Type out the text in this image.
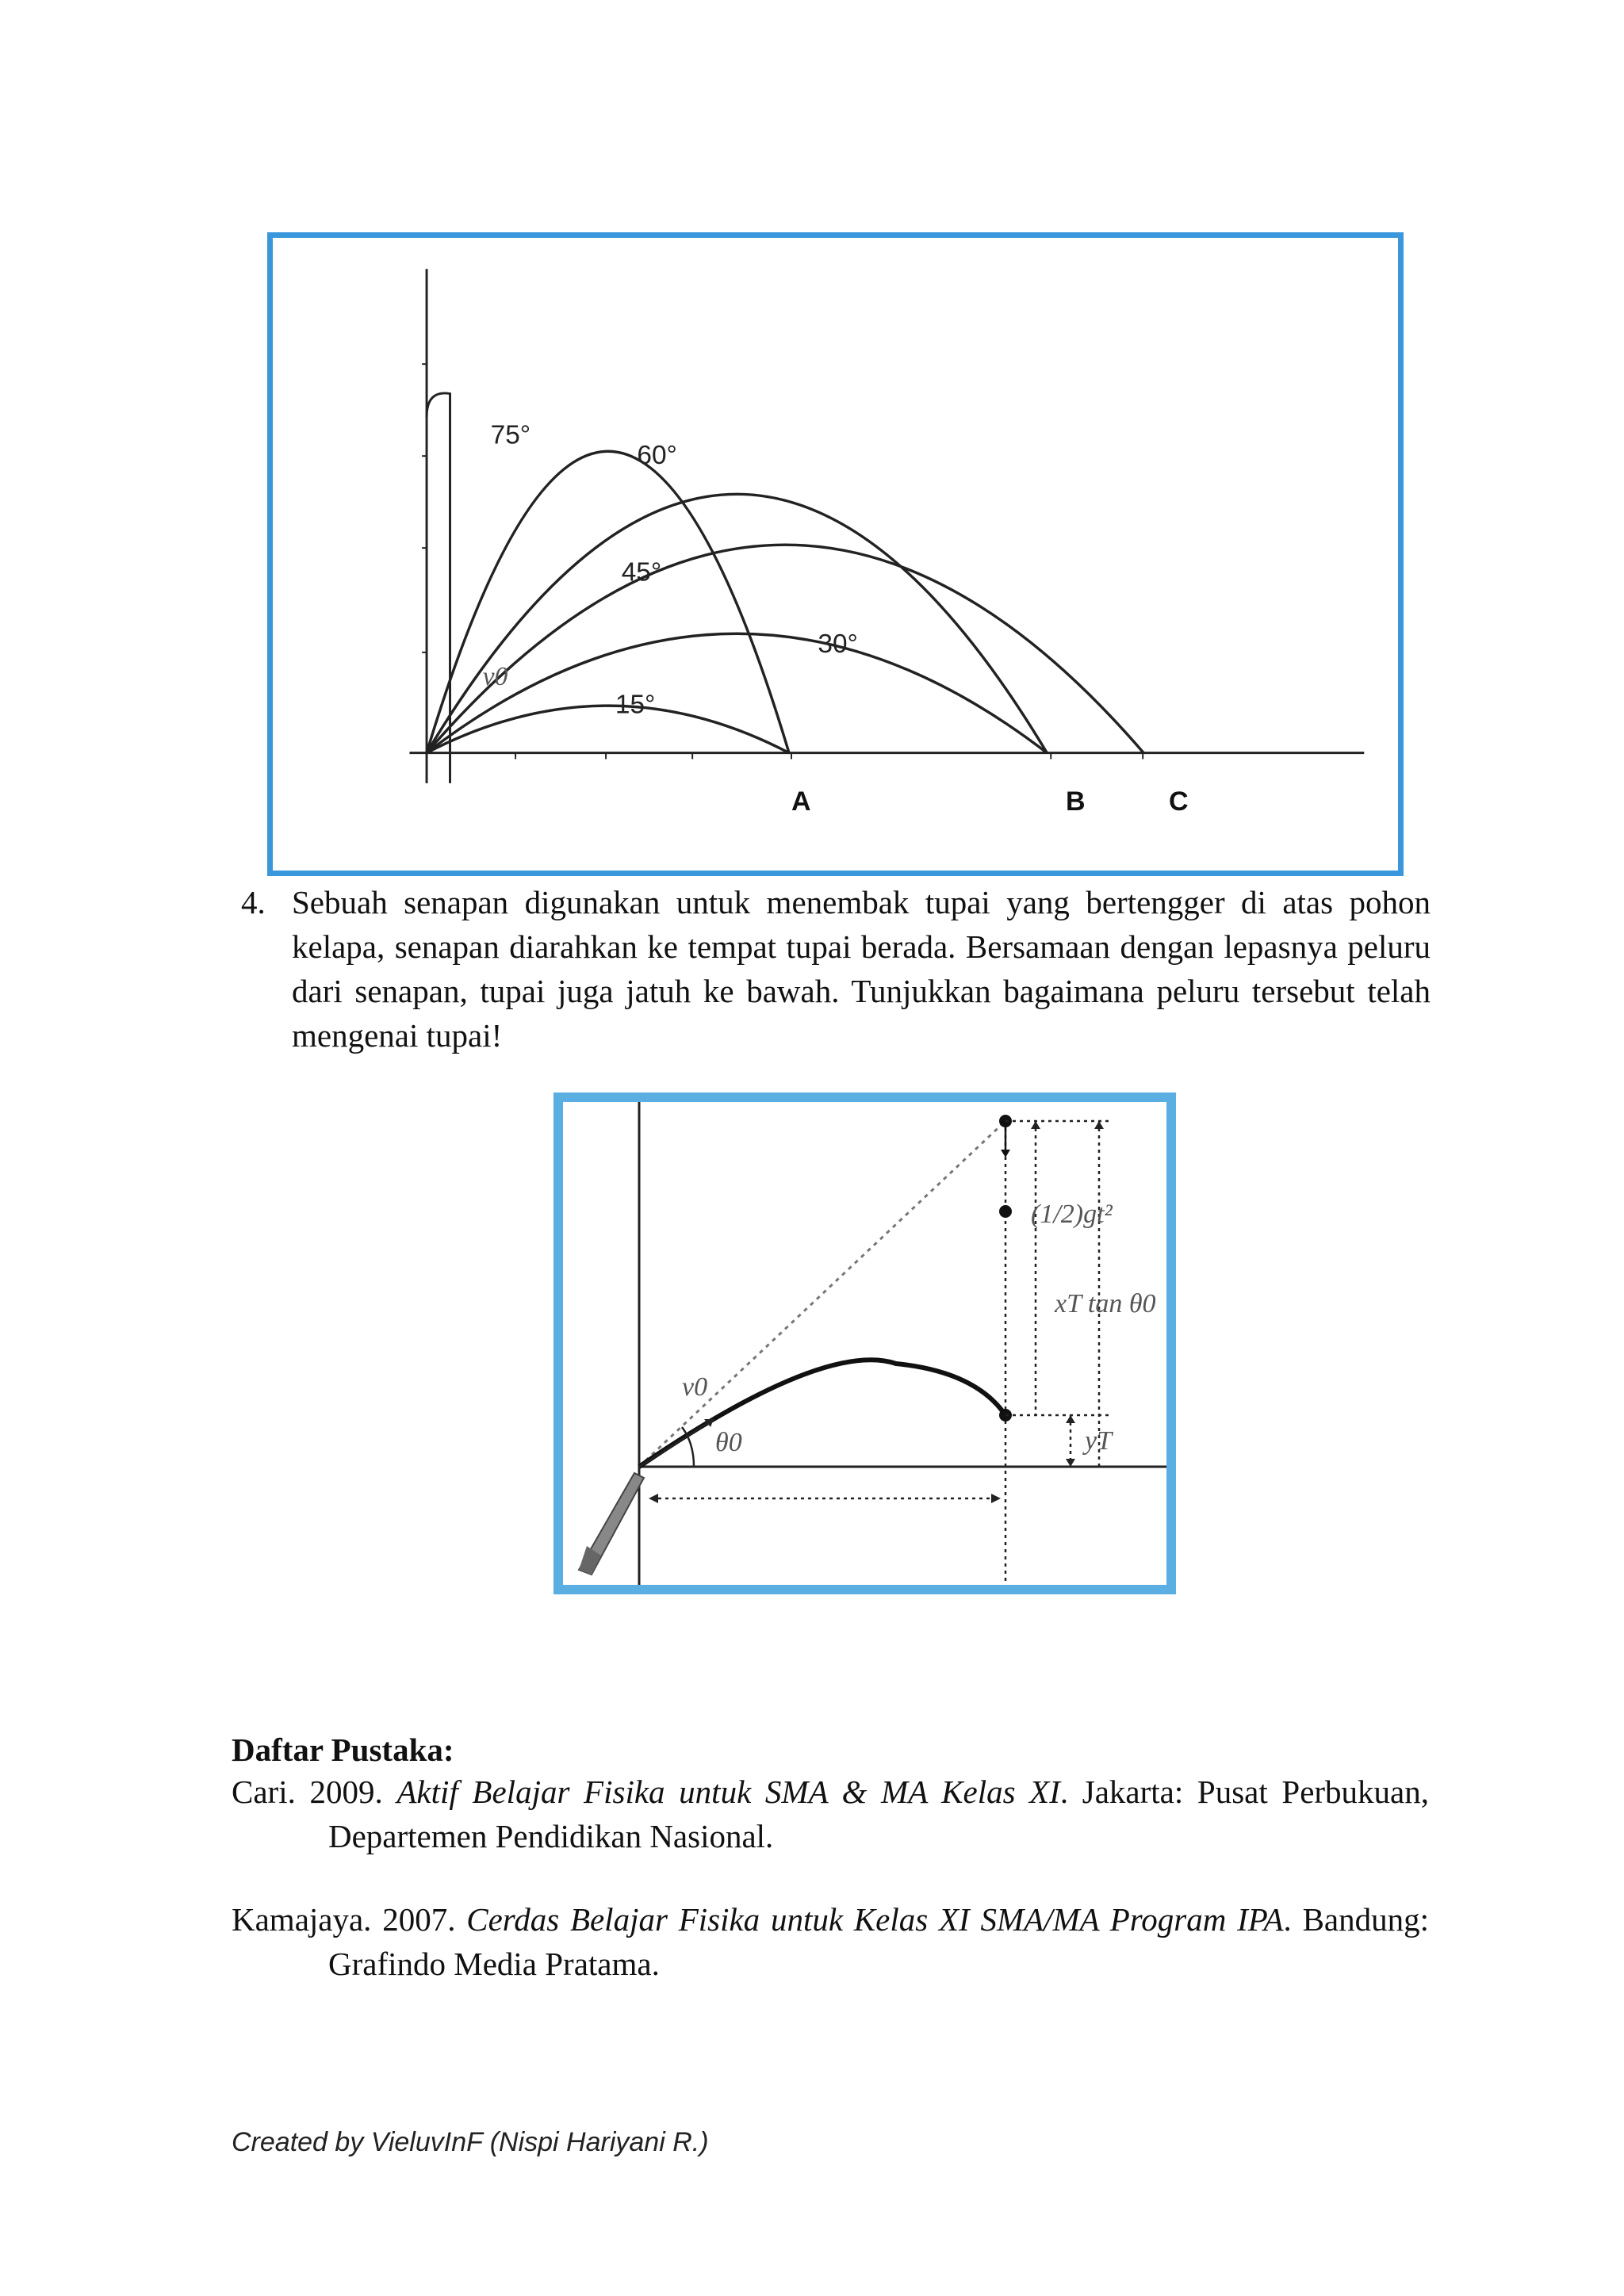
75°
60°
45°
30°
15°
v0
A	B	C
4. Sebuah senapan digunakan untuk menembak tupai yang bertengger di atas pohon kelapa, senapan diarahkan ke tempat tupai berada. Bersamaan dengan lepasnya peluru dari senapan, tupai juga jatuh ke bawah. Tunjukkan bagaimana peluru tersebut telah mengenai tupai!
(1/2)gt²
xT tan θ0
v0
θ0	yT
Daftar Pustaka:
Cari. 2009. Aktif Belajar Fisika untuk SMA & MA Kelas XI. Jakarta: Pusat Perbukuan, Departemen Pendidikan Nasional.
Kamajaya. 2007. Cerdas Belajar Fisika untuk Kelas XI SMA/MA Program IPA. Bandung: Grafindo Media Pratama.
Created by VieluvInF (Nispi Hariyani R.)
